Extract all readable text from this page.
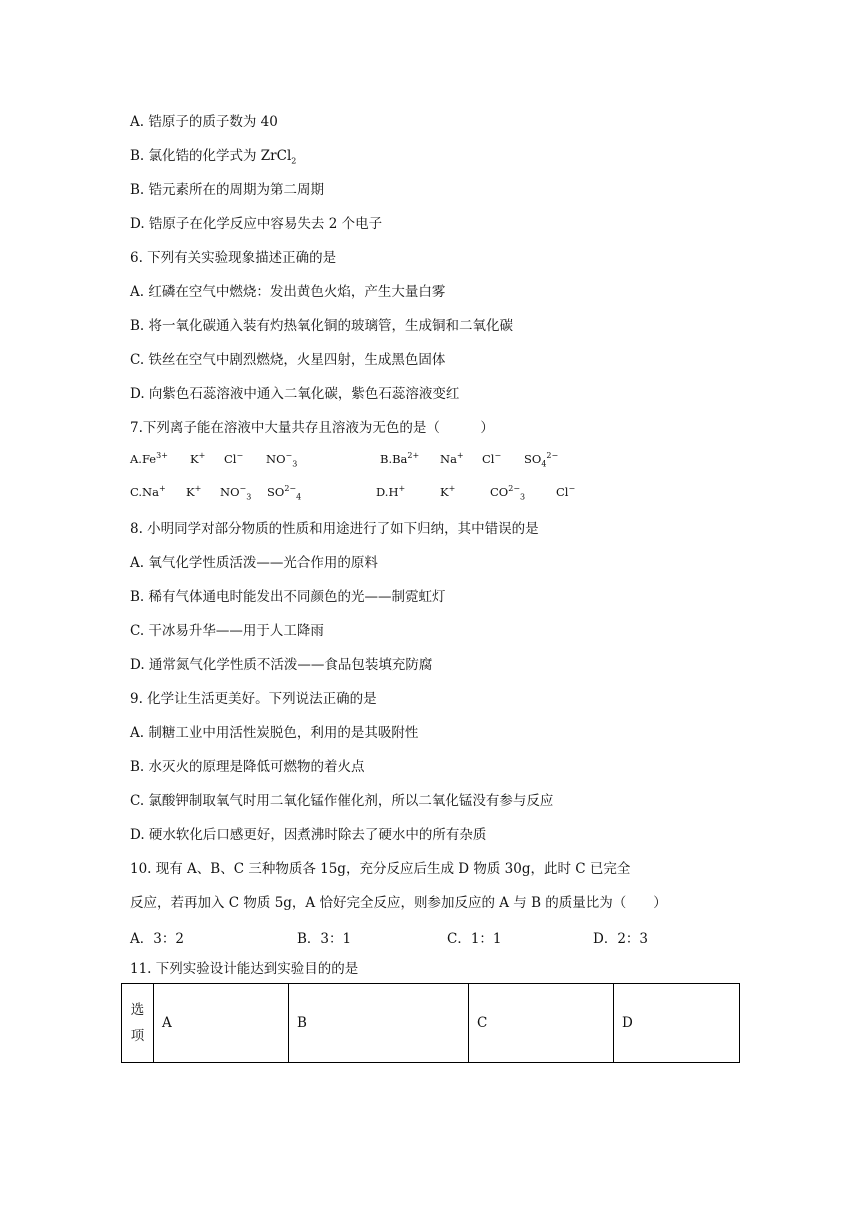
A. 锆原子的质子数为 40
B. 氯化锆的化学式为 ZrCl$_2$
B. 锆元素所在的周期为第二周期
D. 锆原子在化学反应中容易失去 2 个电子
6. 下列有关实验现象描述正确的是
A. 红磷在空气中燃烧：发出黄色火焰，产生大量白雾
B. 将一氧化碳通入装有灼热氧化铜的玻璃管，生成铜和二氧化碳
C. 铁丝在空气中剧烈燃烧，火星四射，生成黑色固体
D. 向紫色石蕊溶液中通入二氧化碳，紫色石蕊溶液变红
7.下列离子能在溶液中大量共存且溶液为无色的是（　　　）
$A.Fe^{3+}$ K+ Cl− $NO^-_3$	$B.Ba^{2+}$ Na+ Cl− $SO_4^{2-}$
C.Na+ K+ $NO^-_3$ $SO^{2-}_4$	D.H+	K+	$CO^{2-}_3$	Cl−
8. 小明同学对部分物质的性质和用途进行了如下归纳，其中错误的是
A. 氧气化学性质活泼——光合作用的原料
B. 稀有气体通电时能发出不同颜色的光——制霓虹灯
C. 干冰易升华——用于人工降雨
D. 通常氮气化学性质不活泼——食品包装填充防腐
9. 化学让生活更美好。下列说法正确的是
A. 制糖工业中用活性炭脱色，利用的是其吸附性
B. 水灭火的原理是降低可燃物的着火点
C. 氯酸钾制取氧气时用二氧化锰作催化剂，所以二氧化锰没有参与反应
D. 硬水软化后口感更好，因煮沸时除去了硬水中的所有杂质
10. 现有 A、B、C 三种物质各 15g，充分反应后生成 D 物质 30g，此时 C 已完全
反应，若再加入 C 物质 5g，A 恰好完全反应，则参加反应的 A 与 B 的质量比为（　　）
A．3：2	B．3：1	C．1：1	D．2：3
11. 下列实验设计能达到实验目的的是
选
项
	A	B	C	D
